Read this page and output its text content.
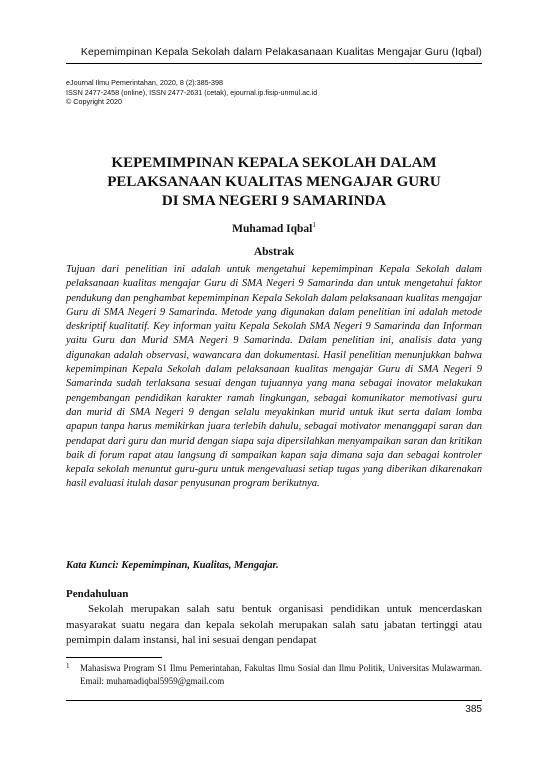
Kepemimpinan Kepala Sekolah dalam Pelakasanaan Kualitas Mengajar Guru (Iqbal)
eJournal Ilmu Pemerintahan, 2020, 8 (2):385-398
ISSN 2477-2458 (online), ISSN 2477-2631 (cetak), ejournal.ip.fisip-unmul.ac.id
© Copyright 2020
KEPEMIMPINAN KEPALA SEKOLAH DALAM
PELAKSANAAN KUALITAS MENGAJAR GURU
DI SMA NEGERI 9 SAMARINDA
Muhamad Iqbal$^1$
Abstrak

Tujuan dari penelitian ini adalah untuk mengetahui kepemimpinan Kepala Sekolah dalam pelaksanaan kualitas mengajar Guru di SMA Negeri 9 Samarinda dan untuk mengetahui faktor pendukung dan penghambat kepemimpinan Kepala Sekolah dalam pelaksanaan kualitas mengajar Guru di SMA Negeri 9 Samarinda. Metode yang digunakan dalam penelitian ini adalah metode deskriptif kualitatif. Key informan yaitu Kepala Sekolah SMA Negeri 9 Samarinda dan Informan yaitu Guru dan Murid SMA Negeri 9 Samarinda. Dalam penelitian ini, analisis data yang digunakan adalah observasi, wawancara dan dokumentasi. Hasil penelitian menunjukkan bahwa kepemimpinan Kepala Sekolah dalam pelaksanaan kualitas mengajar Guru di SMA Negeri 9 Samarinda sudah terlaksana sesuai dengan tujuannya yang mana sebagai inovator melakukan pengembangan pendidikan karakter ramah lingkungan, sebagai komunikator memotivasi guru dan murid di SMA Negeri 9 dengan selalu meyakinkan murid untuk ikut serta dalam lomba apapun tanpa harus memikirkan juara terlebih dahulu, sebagai motivator menanggapi saran dan pendapat dari guru dan murid dengan siapa saja dipersilahkan menyampaikan saran dan kritikan baik di forum rapat atau langsung di sampaikan kapan saja dimana saja dan sebagai kontroler kepala sekolah menuntut guru-guru untuk mengevaluasi setiap tugas yang diberikan dikarenakan hasil evaluasi itulah dasar penyusunan program berikutnya.

Kata Kunci: Kepemimpinan, Kualitas, Mengajar.
Pendahuluan

Sekolah merupakan salah satu bentuk organisasi pendidikan untuk mencerdaskan masyarakat suatu negara dan kepala sekolah merupakan salah satu jabatan tertinggi atau pemimpin dalam instansi, hal ini sesuai dengan pendapat

1 Mahasiswa Program S1 Ilmu Pemerintahan, Fakultas Ilmu Sosial dan Ilmu Politik, Universitas Mulawarman. Email: muhamadiqbal5959@gmail.com
385
